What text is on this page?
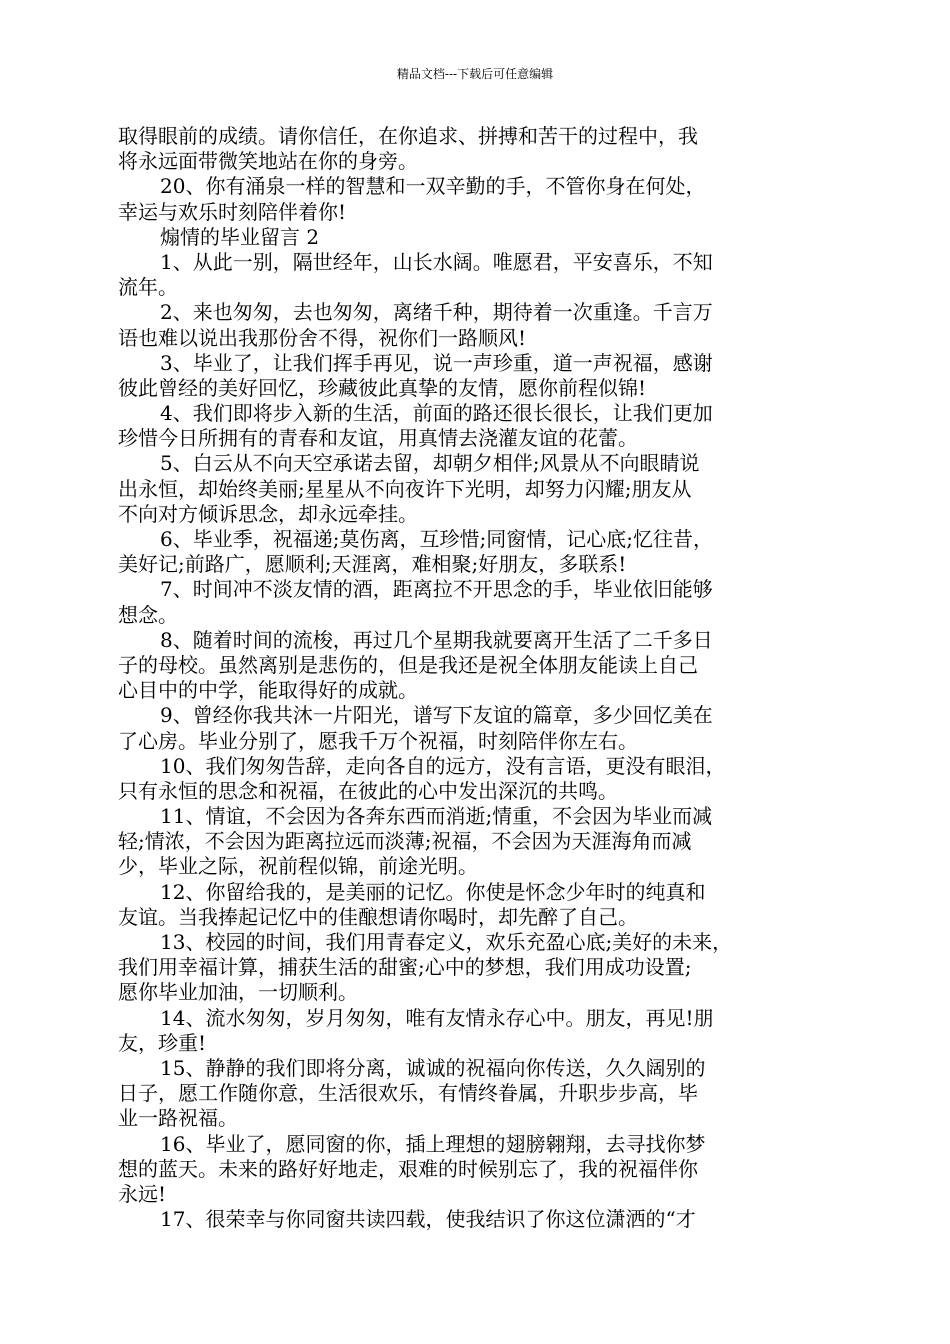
精品文档---下载后可任意编辑
取得眼前的成绩。请你信任，在你追求、拼搏和苦干的过程中，我
将永远面带微笑地站在你的身旁。
20、你有涌泉一样的智慧和一双辛勤的手，不管你身在何处，
幸运与欢乐时刻陪伴着你!
煽情的毕业留言 2
1、从此一别，隔世经年，山长水阔。唯愿君，平安喜乐，不知
流年。
2、来也匆匆，去也匆匆，离绪千种，期待着一次重逢。千言万
语也难以说出我那份舍不得，祝你们一路顺风!
3、毕业了，让我们挥手再见，说一声珍重，道一声祝福，感谢
彼此曾经的美好回忆，珍藏彼此真挚的友情，愿你前程似锦!
4、我们即将步入新的生活，前面的路还很长很长，让我们更加
珍惜今日所拥有的青春和友谊，用真情去浇灌友谊的花蕾。
5、白云从不向天空承诺去留，却朝夕相伴;风景从不向眼睛说
出永恒，却始终美丽;星星从不向夜许下光明，却努力闪耀;朋友从
不向对方倾诉思念，却永远牵挂。
6、毕业季，祝福递;莫伤离，互珍惜;同窗情，记心底;忆往昔，
美好记;前路广，愿顺利;天涯离，难相聚;好朋友，多联系!
7、时间冲不淡友情的酒，距离拉不开思念的手，毕业依旧能够
想念。
8、随着时间的流梭，再过几个星期我就要离开生活了二千多日
子的母校。虽然离别是悲伤的，但是我还是祝全体朋友能读上自己
心目中的中学，能取得好的成就。
9、曾经你我共沐一片阳光，谱写下友谊的篇章，多少回忆美在
了心房。毕业分别了，愿我千万个祝福，时刻陪伴你左右。
10、我们匆匆告辞，走向各自的远方，没有言语，更没有眼泪，
只有永恒的思念和祝福，在彼此的心中发出深沉的共鸣。
11、情谊，不会因为各奔东西而消逝;情重，不会因为毕业而减
轻;情浓，不会因为距离拉远而淡薄;祝福，不会因为天涯海角而减
少，毕业之际，祝前程似锦，前途光明。
12、你留给我的，是美丽的记忆。你使是怀念少年时的纯真和
友谊。当我捧起记忆中的佳酿想请你喝时，却先醉了自己。
13、校园的时间，我们用青春定义，欢乐充盈心底;美好的未来，
我们用幸福计算，捕获生活的甜蜜;心中的梦想，我们用成功设置;
愿你毕业加油，一切顺利。
14、流水匆匆，岁月匆匆，唯有友情永存心中。朋友，再见!朋
友，珍重!
15、静静的我们即将分离，诚诚的祝福向你传送，久久阔别的
日子，愿工作随你意，生活很欢乐，有情终眷属，升职步步高，毕
业一路祝福。
16、毕业了，愿同窗的你，插上理想的翅膀翱翔，去寻找你梦
想的蓝天。未来的路好好地走，艰难的时候别忘了，我的祝福伴你
永远!
17、很荣幸与你同窗共读四载，使我结识了你这位潇洒的“才
